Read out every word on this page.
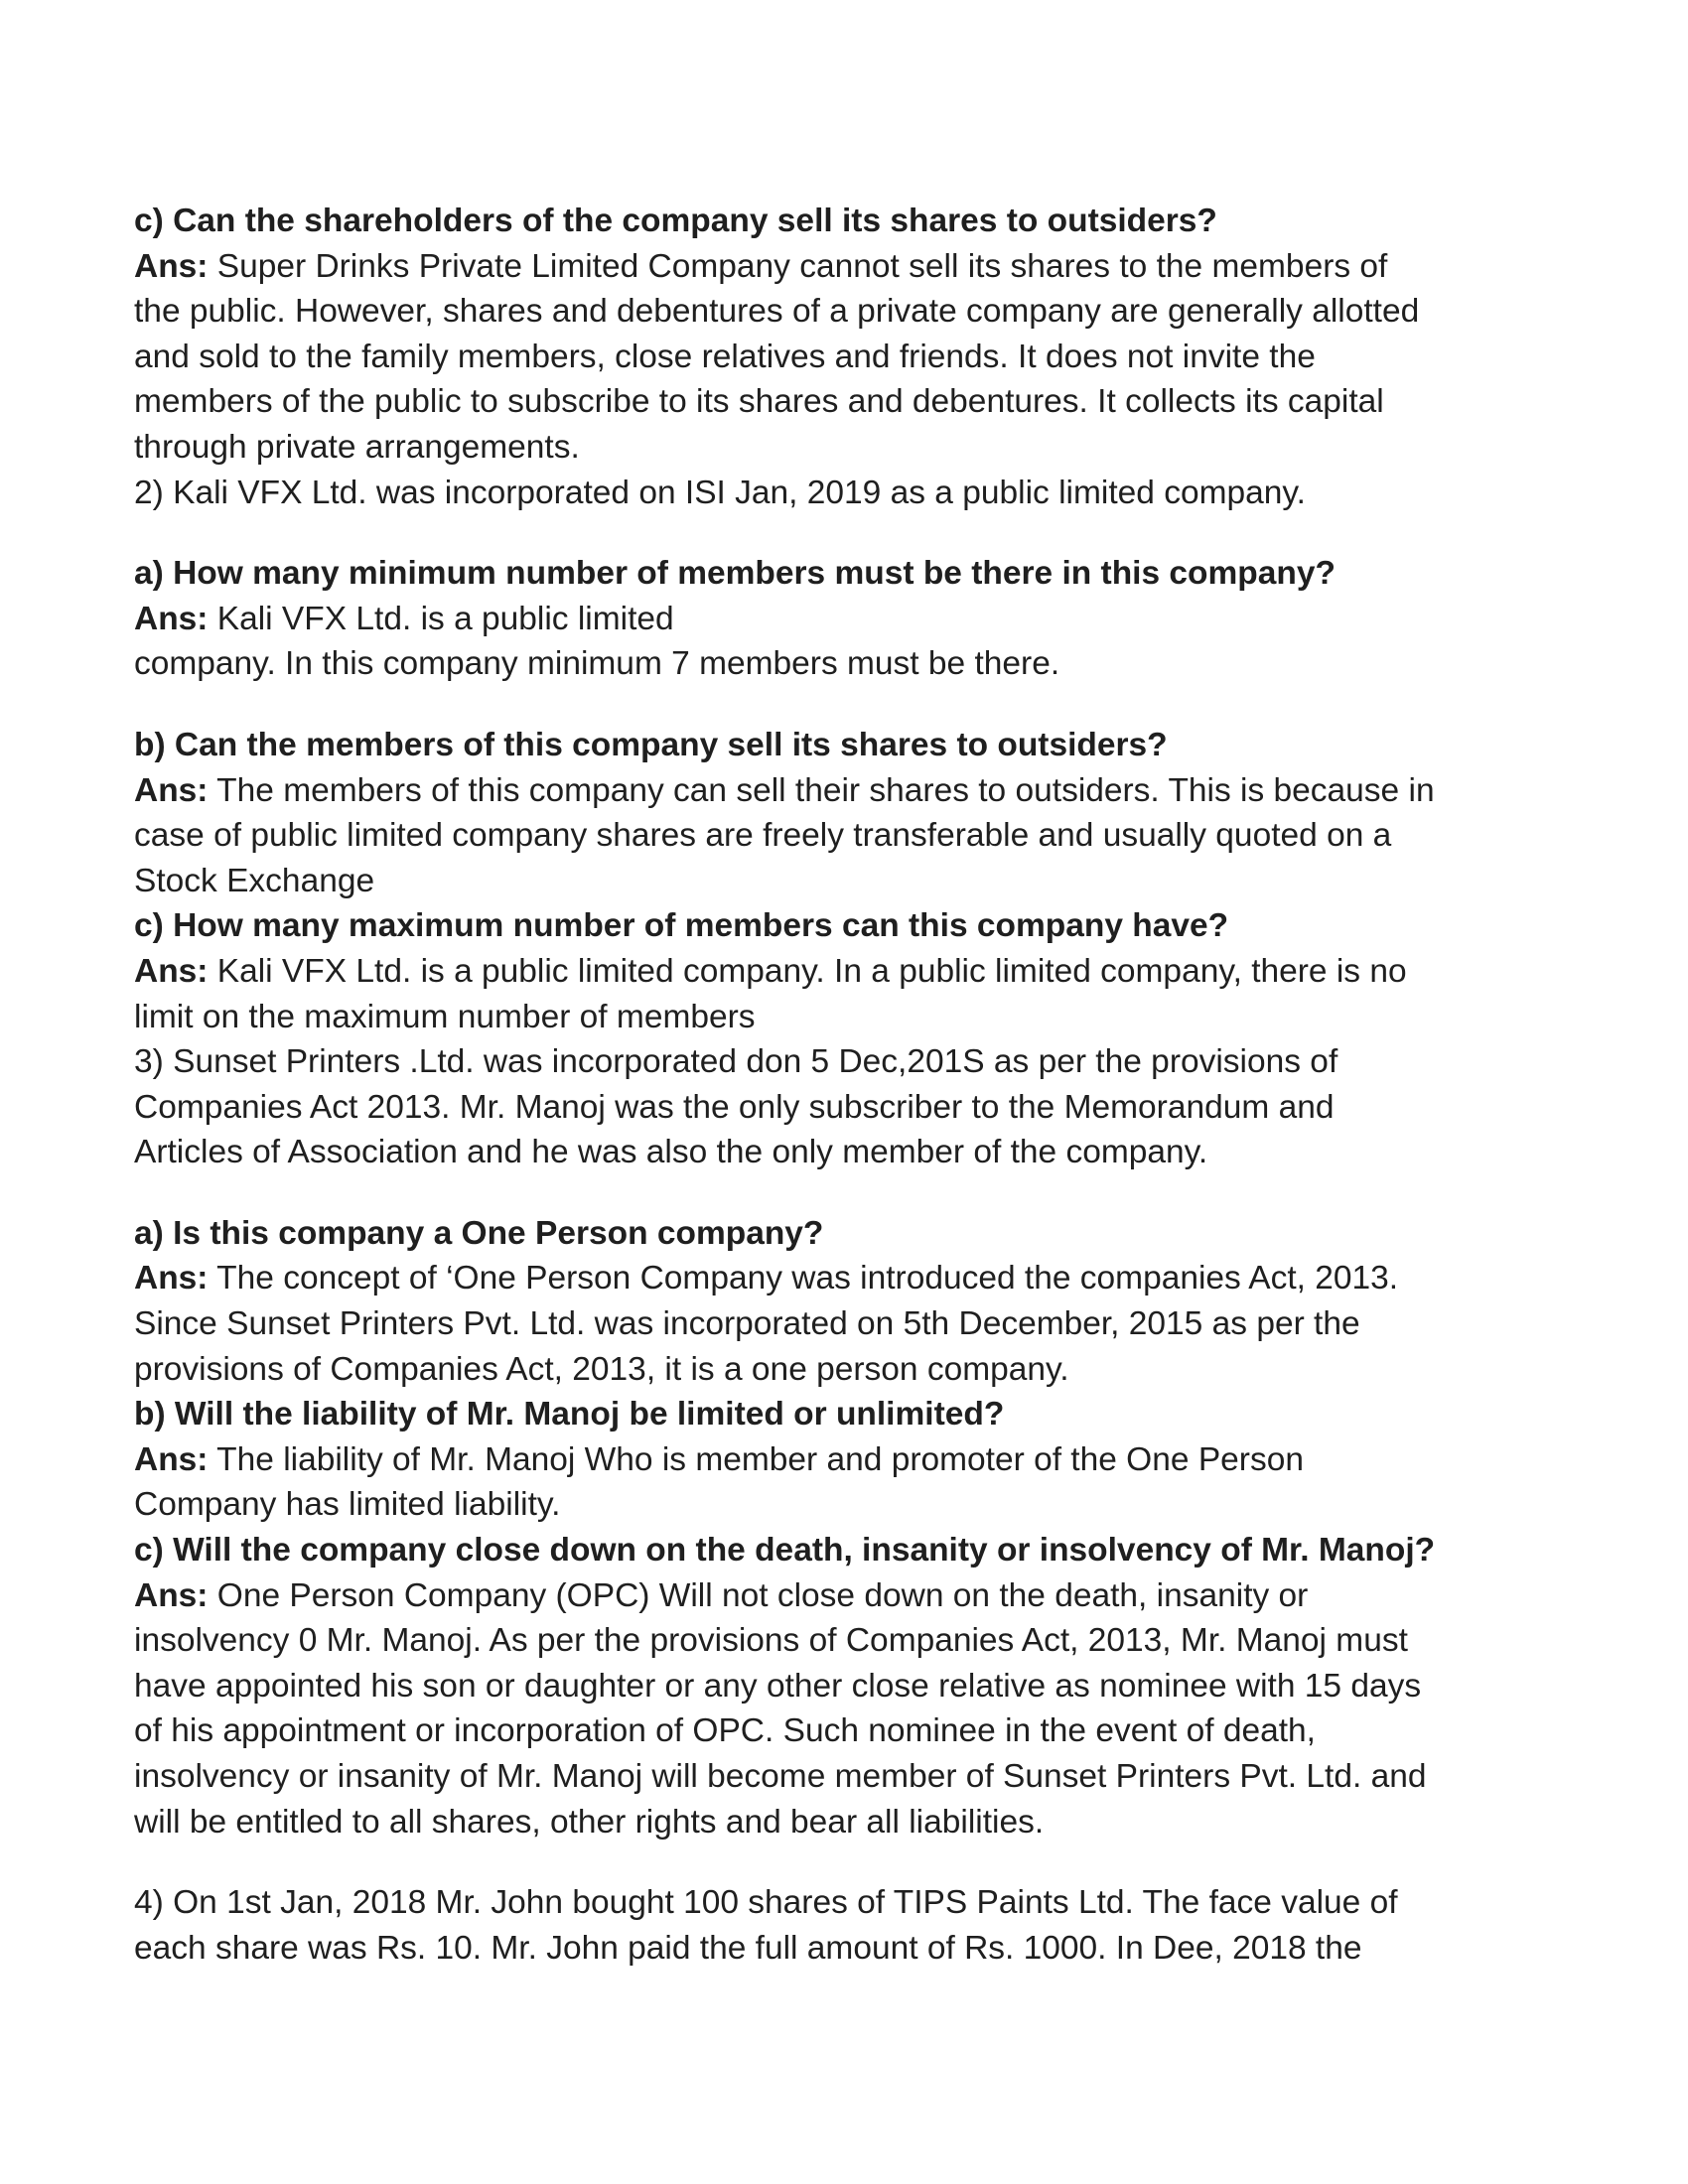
c) Can the shareholders of the company sell its shares to outsiders?
Ans: Super Drinks Private Limited Company cannot sell its shares to the members of
the public. However, shares and debentures of a private company are generally allotted
and sold to the family members, close relatives and friends. It does not invite the
members of the public to subscribe to its shares and debentures. It collects its capital
through private arrangements.
2) Kali VFX Ltd. was incorporated on ISI Jan, 2019 as a public limited company.
a) How many minimum number of members must be there in this company?
Ans: Kali VFX Ltd. is a public limited
company. In this company minimum 7 members must be there.
b) Can the members of this company sell its shares to outsiders?
Ans: The members of this company can sell their shares to outsiders. This is because in
case of public limited company shares are freely transferable and usually quoted on a
Stock Exchange
c) How many maximum number of members can this company have?
Ans: Kali VFX Ltd. is a public limited company. In a public limited company, there is no
limit on the maximum number of members
3) Sunset Printers .Ltd. was incorporated don 5 Dec,201S as per the provisions of
Companies Act 2013. Mr. Manoj was the only subscriber to the Memorandum and
Articles of Association and he was also the only member of the company.
a) Is this company a One Person company?
Ans: The concept of ‘One Person Company was introduced the companies Act, 2013.
Since Sunset Printers Pvt. Ltd. was incorporated on 5th December, 2015 as per the
provisions of Companies Act, 2013, it is a one person company.
b) Will the liability of Mr. Manoj be limited or unlimited?
Ans: The liability of Mr. Manoj Who is member and promoter of the One Person
Company has limited liability.
c) Will the company close down on the death, insanity or insolvency of Mr. Manoj?
Ans: One Person Company (OPC) Will not close down on the death, insanity or
insolvency 0 Mr. Manoj. As per the provisions of Companies Act, 2013, Mr. Manoj must
have appointed his son or daughter or any other close relative as nominee with 15 days
of his appointment or incorporation of OPC. Such nominee in the event of death,
insolvency or insanity of Mr. Manoj will become member of Sunset Printers Pvt. Ltd. and
will be entitled to all shares, other rights and bear all liabilities.
4) On 1st Jan, 2018 Mr. John bought 100 shares of TIPS Paints Ltd. The face value of
each share was Rs. 10. Mr. John paid the full amount of Rs. 1000. In Dee, 2018 the
